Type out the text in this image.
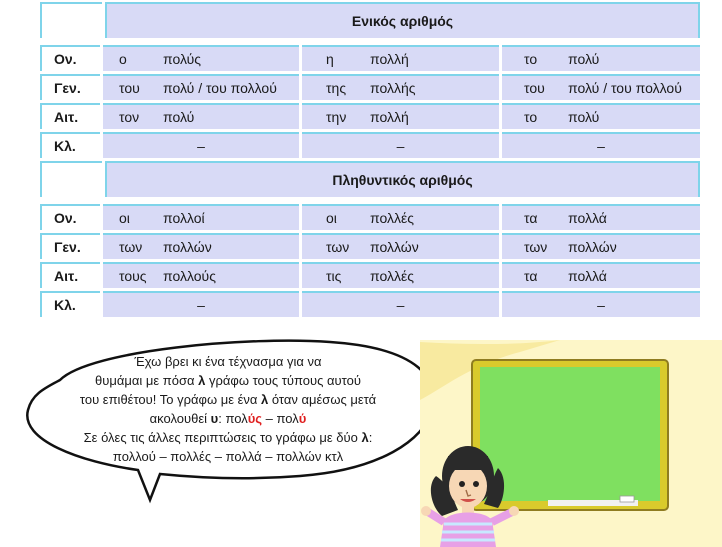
Ενικός αριθμός
Ον.	ο	πολύς	η	πολλή	το	πολύ
Γεν.	του	πολύ / του πολλού	της	πολλής	του	πολύ / του πολλού
Αιτ.	τον	πολύ	την	πολλή	το	πολύ
Κλ.	–	–	–
Πληθυντικός αριθμός
Ον.	οι	πολλοί	οι	πολλές	τα	πολλά
Γεν.	των	πολλών	των	πολλών	των	πολλών
Αιτ.	τους	πολλούς	τις	πολλές	τα	πολλά
Κλ.	–	–	–
Έχω βρει κι ένα τέχνασμα για να
θυμάμαι με πόσα λ γράφω τους τύπους αυτού
του επιθέτου! Το γράφω με ένα λ όταν αμέσως μετά
ακολουθεί υ: πολύς – πολύ
Σε όλες τις άλλες περιπτώσεις το γράφω με δύο λ:
πολλού – πολλές – πολλά – πολλών κτλ
